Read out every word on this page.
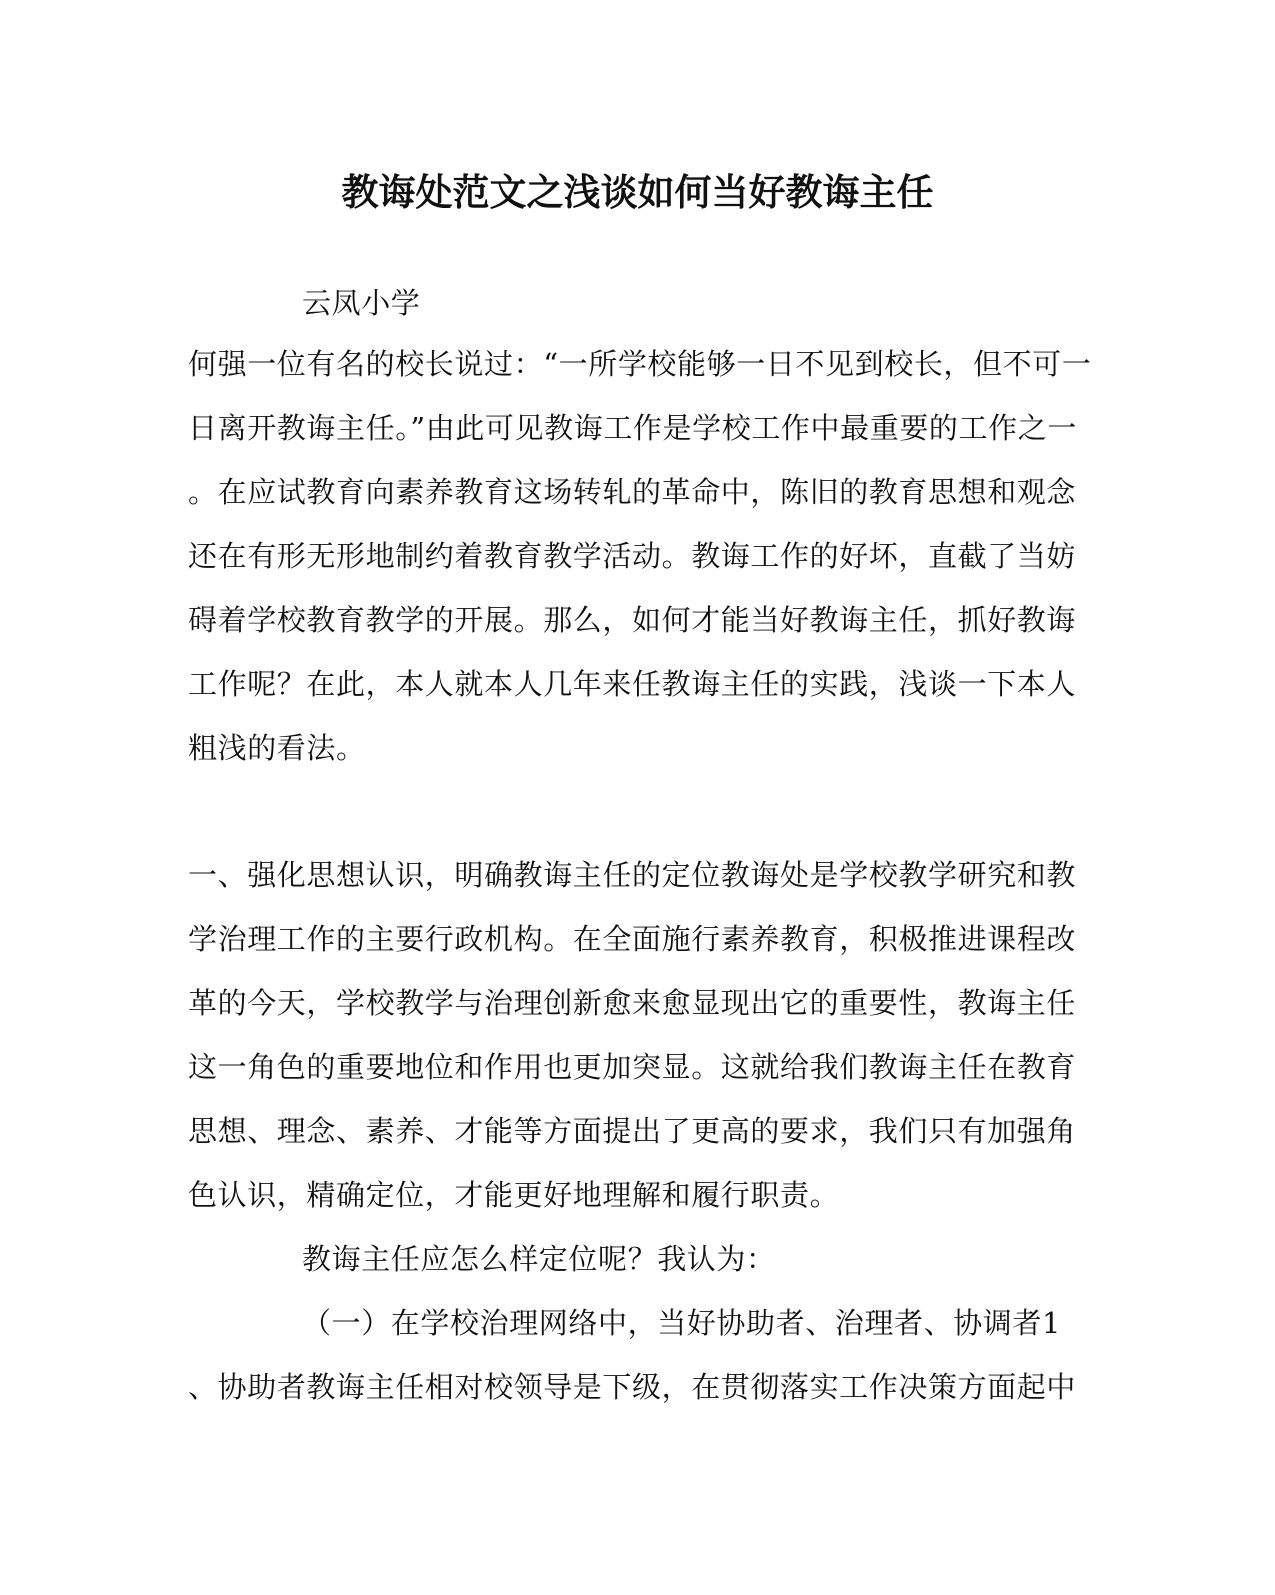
教诲处范文之浅谈如何当好教诲主任
云凤小学
何强一位有名的校长说过：“一所学校能够一日不见到校长，但不可一
日离开教诲主任。”由此可见教诲工作是学校工作中最重要的工作之一
。在应试教育向素养教育这场转轧的革命中，陈旧的教育思想和观念
还在有形无形地制约着教育教学活动。教诲工作的好坏，直截了当妨
碍着学校教育教学的开展。那么，如何才能当好教诲主任，抓好教诲
工作呢？在此，本人就本人几年来任教诲主任的实践，浅谈一下本人
粗浅的看法。
一、强化思想认识，明确教诲主任的定位教诲处是学校教学研究和教
学治理工作的主要行政机构。在全面施行素养教育，积极推进课程改
革的今天，学校教学与治理创新愈来愈显现出它的重要性，教诲主任
这一角色的重要地位和作用也更加突显。这就给我们教诲主任在教育
思想、理念、素养、才能等方面提出了更高的要求，我们只有加强角
色认识，精确定位，才能更好地理解和履行职责。
教诲主任应怎么样定位呢？我认为：
（一）在学校治理网络中，当好协助者、治理者、协调者1
、协助者教诲主任相对校领导是下级，在贯彻落实工作决策方面起中
